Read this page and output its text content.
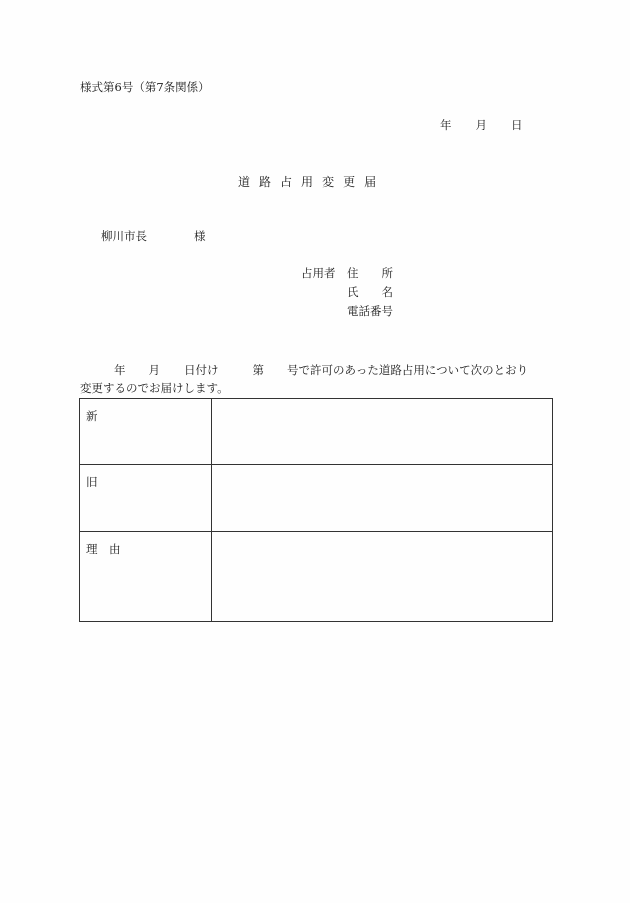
様式第6号（第7条関係）
年 月 日
道 路 占 用 変 更 届
柳川市長	様
占用者 住　　所
氏　　名
電話番号
年 月 日付け	第 号で許可のあった道路占用について次のとおり
変更するのでお届けします。
新	
旧	
理　由	
